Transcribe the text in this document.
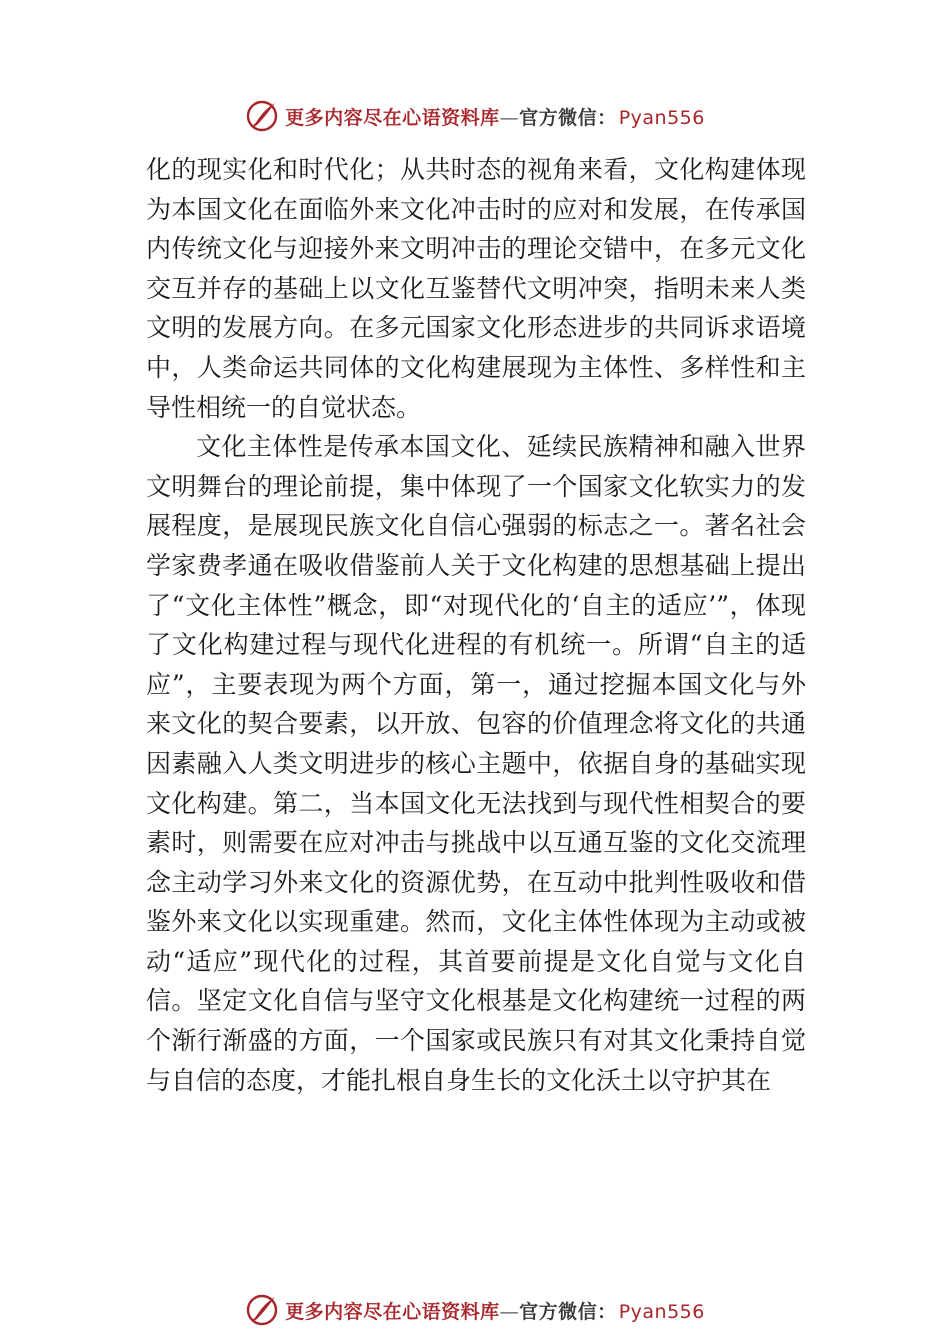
更多内容尽在心语资料库—官方微信： Pyan556

化的现实化和时代化；从共时态的视角来看，文化构建体现为本国文化在面临外来文化冲击时的应对和发展，在传承国内传统文化与迎接外来文明冲击的理论交错中，在多元文化交互并存的基础上以文化互鉴替代文明冲突，指明未来人类文明的发展方向。在多元国家文化形态进步的共同诉求语境中，人类命运共同体的文化构建展现为主体性、多样性和主导性相统一的自觉状态。

文化主体性是传承本国文化、延续民族精神和融入世界文明舞台的理论前提，集中体现了一个国家文化软实力的发展程度，是展现民族文化自信心强弱的标志之一。著名社会学家费孝通在吸收借鉴前人关于文化构建的思想基础上提出了“文化主体性”概念，即“对现代化的‘自主的适应’”，体现了文化构建过程与现代化进程的有机统一。所谓“自主的适应”，主要表现为两个方面，第一，通过挖掘本国文化与外来文化的契合要素，以开放、包容的价值理念将文化的共通因素融入人类文明进步的核心主题中，依据自身的基础实现文化构建。第二，当本国文化无法找到与现代性相契合的要素时，则需要在应对冲击与挑战中以互通互鉴的文化交流理念主动学习外来文化的资源优势，在互动中批判性吸收和借鉴外来文化以实现重建。然而，文化主体性体现为主动或被动“适应”现代化的过程，其首要前提是文化自觉与文化自信。坚定文化自信与坚守文化根基是文化构建统一过程的两个渐行渐盛的方面，一个国家或民族只有对其文化秉持自觉与自信的态度，才能扎根自身生长的文化沃土以守护其在

更多内容尽在心语资料库—官方微信： Pyan556
